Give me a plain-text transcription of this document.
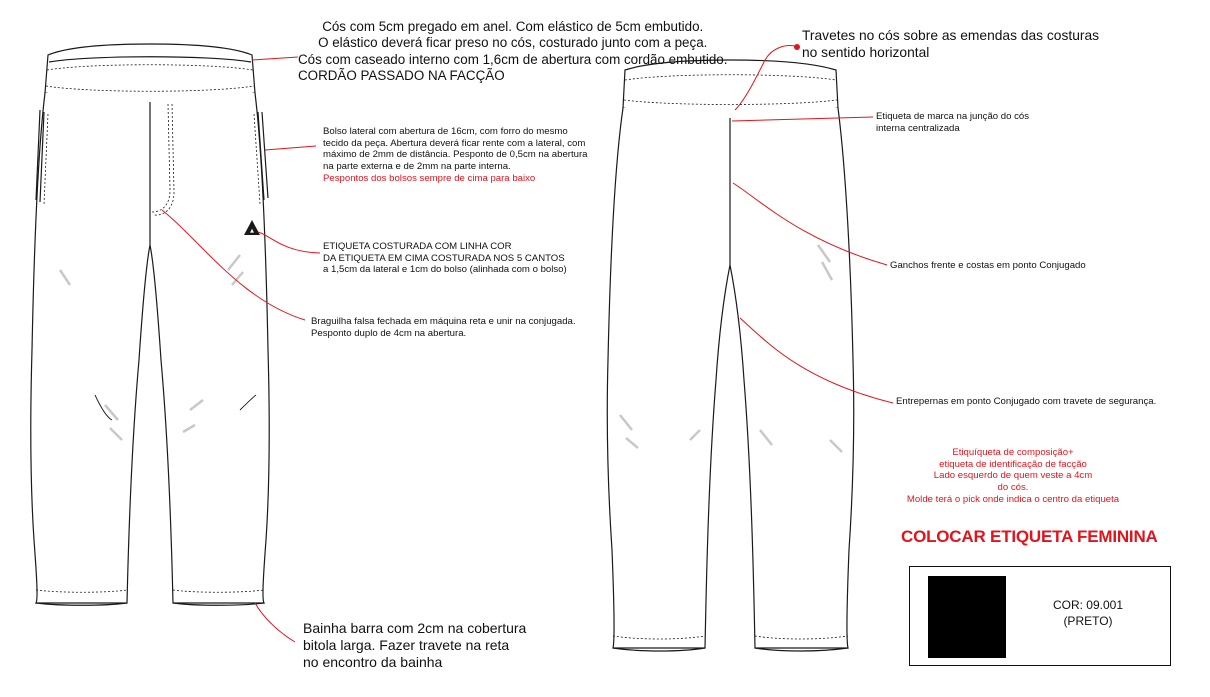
▲
Cós com 5cm pregado em anel. Com elástico de 5cm embutido.
O elástico deverá ficar preso no cós, costurado junto com a peça.
Cós com caseado interno com 1,6cm de abertura com cordão embutido.
CORDÃO PASSADO NA FACÇÃO
Bolso lateral com abertura de 16cm, com forro do mesmo
tecido da peça. Abertura deverá ficar rente com a lateral, com
máximo de 2mm de distância. Pesponto de 0,5cm na abertura
na parte externa e de 2mm na parte interna.
Pespontos dos bolsos sempre de cima para baixo
ETIQUETA COSTURADA COM LINHA COR
DA ETIQUETA EM CIMA COSTURADA NOS 5 CANTOS
a 1,5cm da lateral e 1cm do bolso (alinhada com o bolso)
Braguilha falsa fechada em máquina reta e unir na conjugada.
Pesponto duplo de 4cm na abertura.
Bainha barra com 2cm na cobertura
bitola larga. Fazer travete na reta
no encontro da bainha
Travetes no cós sobre as emendas das costuras
no sentido horizontal
Etiqueta de marca na junção do cós
interna centralizada
Ganchos frente e costas em ponto Conjugado
Entrepernas em ponto Conjugado com travete de segurança.
Etiquíqueta de composição+
etiqueta de identificação de facção
Lado esquerdo de quem veste a 4cm
do cós.
Molde terá o pick onde indica o centro da etiqueta
COLOCAR ETIQUETA FEMININA
COR: 09.001
(PRETO)
